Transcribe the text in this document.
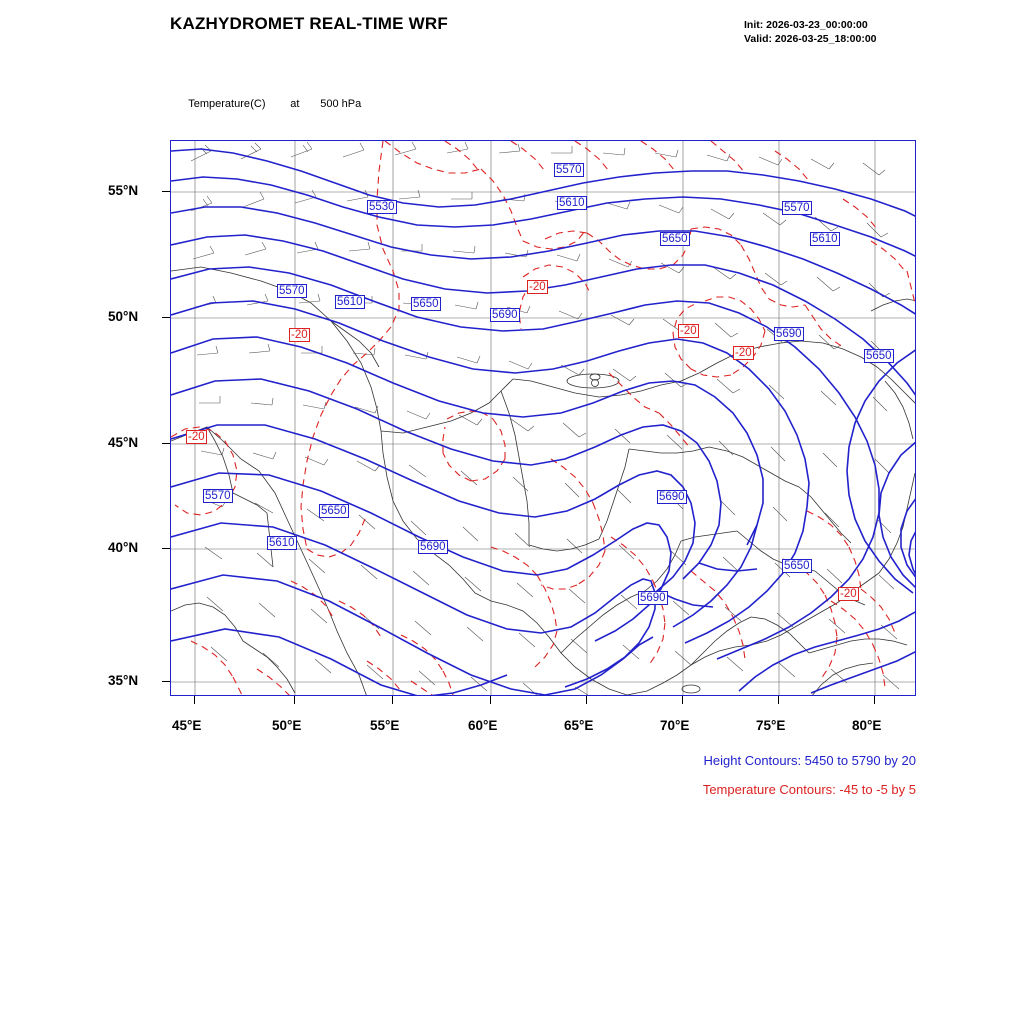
KAZHYDROMET REAL-TIME WRF	Init: 2026-03-23_00:00:00
Valid: 2026-03-25_18:00:00

Temperature(C) at 500 hPa

5570
5530	5610	5570
5650	5610
5570
5610	5650
5690
5690
5650
5690
5570
5650
5610	5690
5650
5690
-20
-20
-20
-20
-20
-20
55°N
50°N
45°N
40°N
35°N
45°E	50°E	55°E	60°E	65°E	70°E	75°E	80°E
Height Contours: 5450 to 5790 by 20
Temperature Contours: -45 to -5 by 5
